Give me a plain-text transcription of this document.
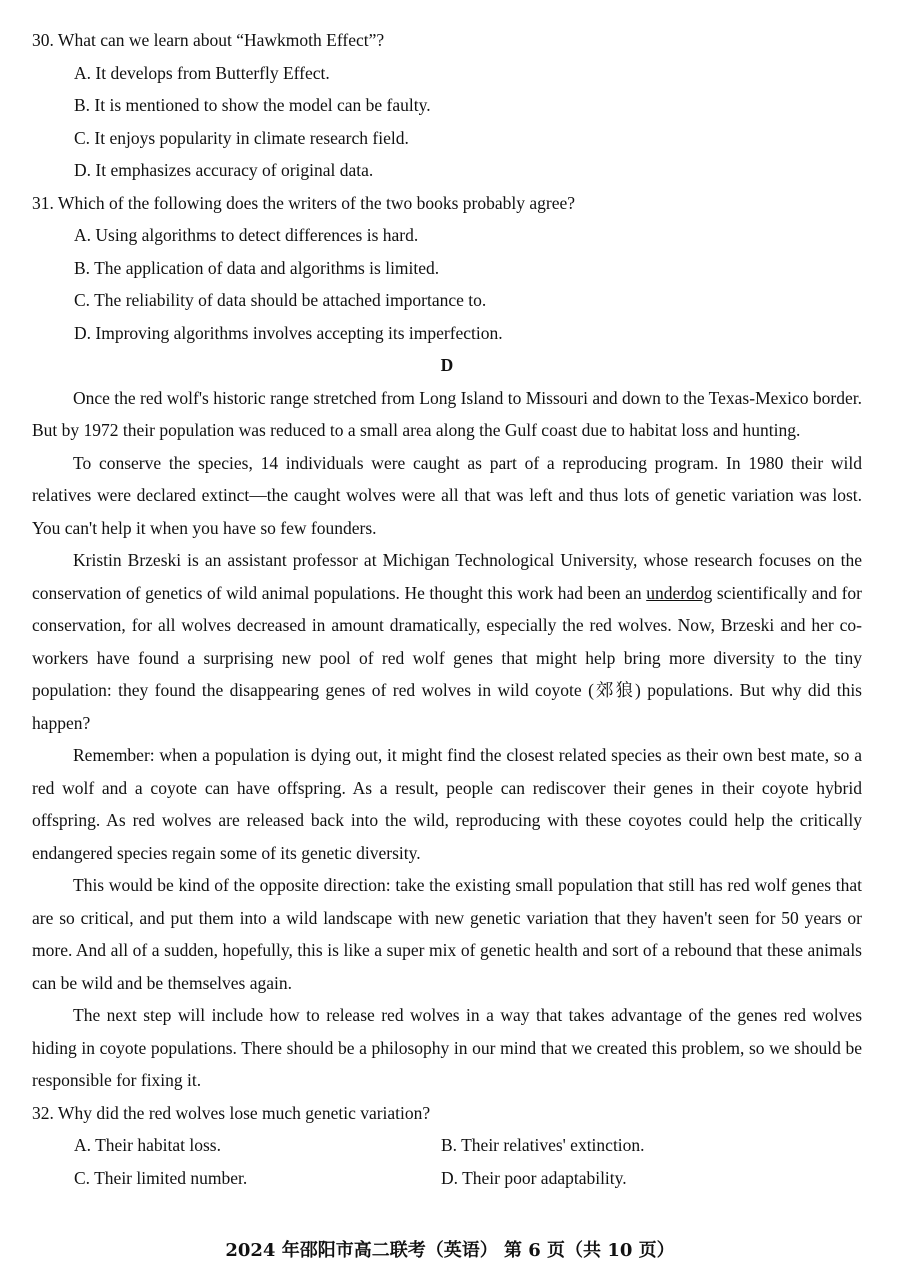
30. What can we learn about “Hawkmoth Effect”?
A. It develops from Butterfly Effect.
B. It is mentioned to show the model can be faulty.
C. It enjoys popularity in climate research field.
D. It emphasizes accuracy of original data.
31. Which of the following does the writers of the two books probably agree?
A. Using algorithms to detect differences is hard.
B. The application of data and algorithms is limited.
C. The reliability of data should be attached importance to.
D. Improving algorithms involves accepting its imperfection.
D
Once the red wolf's historic range stretched from Long Island to Missouri and down to the Texas-Mexico border. But by 1972 their population was reduced to a small area along the Gulf coast due to habitat loss and hunting.
To conserve the species, 14 individuals were caught as part of a reproducing program. In 1980 their wild relatives were declared extinct—the caught wolves were all that was left and thus lots of genetic variation was lost. You can't help it when you have so few founders.
Kristin Brzeski is an assistant professor at Michigan Technological University, whose research focuses on the conservation of genetics of wild animal populations. He thought this work had been an underdog scientifically and for conservation, for all wolves decreased in amount dramatically, especially the red wolves. Now, Brzeski and her co-workers have found a surprising new pool of red wolf genes that might help bring more diversity to the tiny population: they found the disappearing genes of red wolves in wild coyote (郊狼) populations. But why did this happen?
Remember: when a population is dying out, it might find the closest related species as their own best mate, so a red wolf and a coyote can have offspring. As a result, people can rediscover their genes in their coyote hybrid offspring. As red wolves are released back into the wild, reproducing with these coyotes could help the critically endangered species regain some of its genetic diversity.
This would be kind of the opposite direction: take the existing small population that still has red wolf genes that are so critical, and put them into a wild landscape with new genetic variation that they haven't seen for 50 years or more. And all of a sudden, hopefully, this is like a super mix of genetic health and sort of a rebound that these animals can be wild and be themselves again.
The next step will include how to release red wolves in a way that takes advantage of the genes red wolves hiding in coyote populations. There should be a philosophy in our mind that we created this problem, so we should be responsible for fixing it.
32. Why did the red wolves lose much genetic variation?
A. Their habitat loss.	B. Their relatives' extinction.
C. Their limited number.	D. Their poor adaptability.
2024 年邵阳市高二联考（英语） 第 6 页（共 10 页）
